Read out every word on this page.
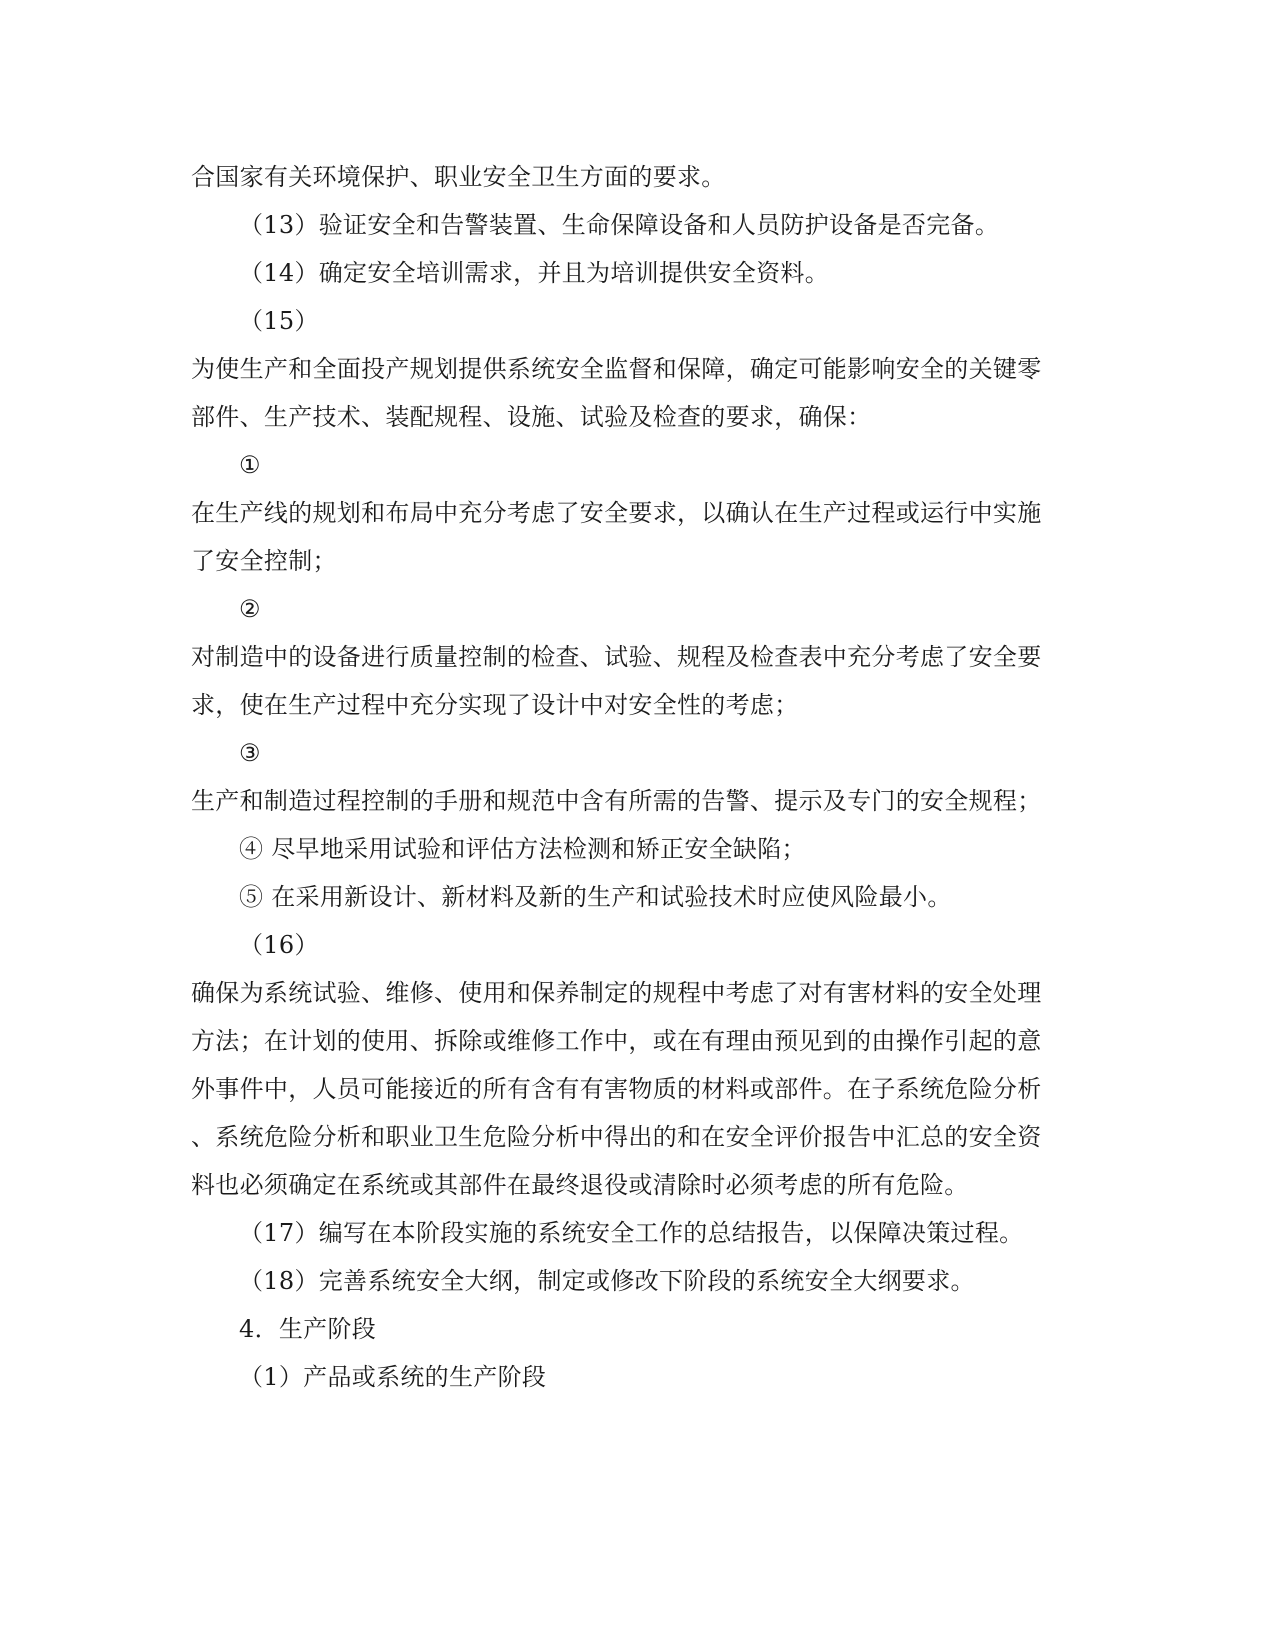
合国家有关环境保护、职业安全卫生方面的要求。
（13）验证安全和告警装置、生命保障设备和人员防护设备是否完备。
（14）确定安全培训需求，并且为培训提供安全资料。
（15）
为使生产和全面投产规划提供系统安全监督和保障，确定可能影响安全的关键零
部件、生产技术、装配规程、设施、试验及检查的要求，确保：
①
在生产线的规划和布局中充分考虑了安全要求，以确认在生产过程或运行中实施
了安全控制；
②
对制造中的设备进行质量控制的检查、试验、规程及检查表中充分考虑了安全要
求，使在生产过程中充分实现了设计中对安全性的考虑；
③
生产和制造过程控制的手册和规范中含有所需的告警、提示及专门的安全规程；
④ 尽早地采用试验和评估方法检测和矫正安全缺陷；
⑤ 在采用新设计、新材料及新的生产和试验技术时应使风险最小。
（16）
确保为系统试验、维修、使用和保养制定的规程中考虑了对有害材料的安全处理
方法；在计划的使用、拆除或维修工作中，或在有理由预见到的由操作引起的意
外事件中，人员可能接近的所有含有有害物质的材料或部件。在子系统危险分析
、系统危险分析和职业卫生危险分析中得出的和在安全评价报告中汇总的安全资
料也必须确定在系统或其部件在最终退役或清除时必须考虑的所有危险。
（17）编写在本阶段实施的系统安全工作的总结报告，以保障决策过程。
（18）完善系统安全大纲，制定或修改下阶段的系统安全大纲要求。
4．生产阶段
（1）产品或系统的生产阶段
